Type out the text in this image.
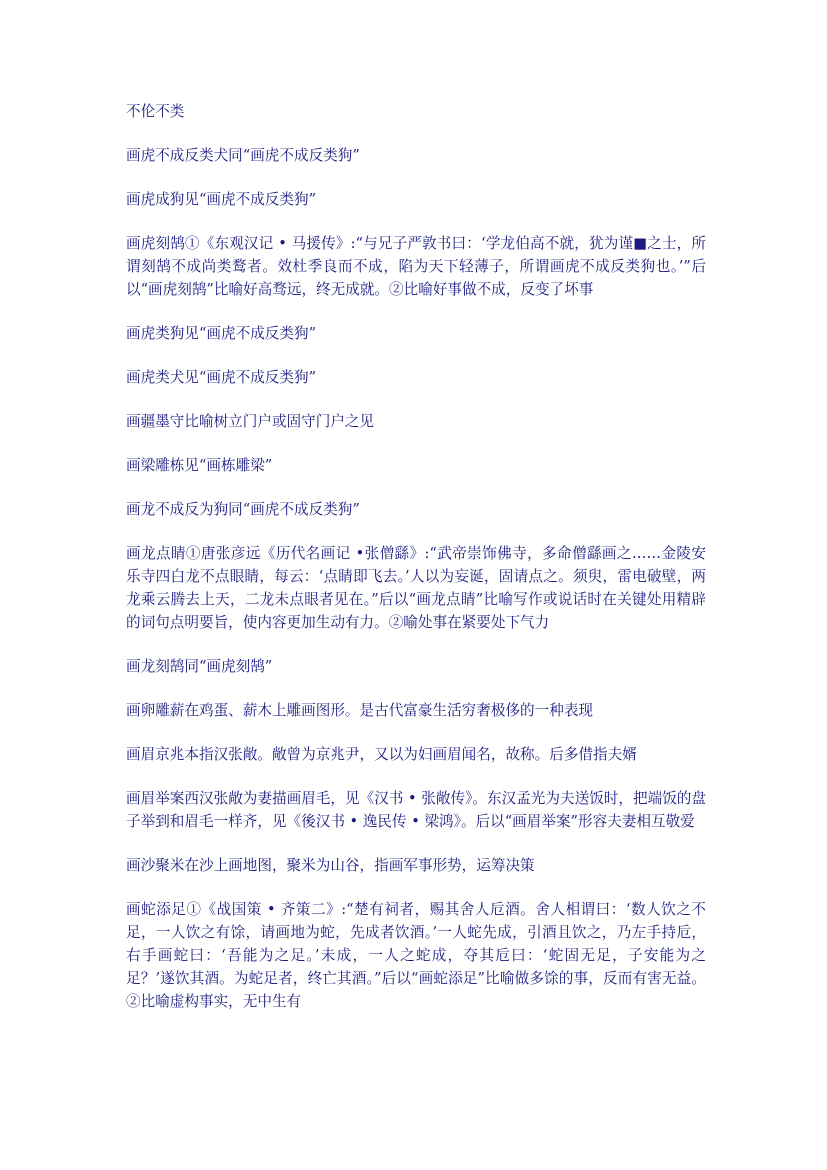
不伦不类

画虎不成反类犬同“画虎不成反类狗”

画虎成狗见“画虎不成反类狗”

画虎刻鹄①《东观汉记 • 马援传》:“与兄子严敦书曰：‘学龙伯高不就，犹为谨■之士，所谓刻鹄不成尚类鹜者。效杜季良而不成，陷为天下轻薄子，所谓画虎不成反类狗也。’”后以“画虎刻鹄”比喻好高骛远，终无成就。②比喻好事做不成，反变了坏事

画虎类狗见“画虎不成反类狗”

画虎类犬见“画虎不成反类狗”

画疆墨守比喻树立门户或固守门户之见

画梁雕栋见“画栋雕梁”

画龙不成反为狗同“画虎不成反类狗”

画龙点睛①唐张彦远《历代名画记 •张僧繇》:“武帝崇饰佛寺，多命僧繇画之……金陵安乐寺四白龙不点眼睛，每云：‘点睛即飞去。’人以为妄诞，固请点之。须臾，雷电破壁，两龙乘云腾去上天，二龙未点眼者见在。”后以“画龙点睛”比喻写作或说话时在关键处用精辟的词句点明要旨，使内容更加生动有力。②喻处事在紧要处下气力

画龙刻鹄同“画虎刻鹄”

画卵雕薪在鸡蛋、薪木上雕画图形。是古代富豪生活穷奢极侈的一种表现

画眉京兆本指汉张敞。敞曾为京兆尹，又以为妇画眉闻名，故称。后多借指夫婿

画眉举案西汉张敞为妻描画眉毛，见《汉书 • 张敞传》。东汉孟光为夫送饭时，把端饭的盘子举到和眉毛一样齐，见《後汉书 • 逸民传 • 梁鸿》。后以“画眉举案”形容夫妻相互敬爱

画沙聚米在沙上画地图，聚米为山谷，指画军事形势，运筹决策

画蛇添足①《战国策 • 齐策二》:“楚有祠者，赐其舍人卮酒。舍人相谓曰：‘数人饮之不足，一人饮之有馀，请画地为蛇，先成者饮酒。’一人蛇先成，引酒且饮之，乃左手持卮，右手画蛇曰：‘吾能为之足。’未成，一人之蛇成，夺其卮曰：‘蛇固无足，子安能为之足？’遂饮其酒。为蛇足者，终亡其酒。”后以“画蛇添足”比喻做多馀的事，反而有害无益。②比喻虚构事实，无中生有
